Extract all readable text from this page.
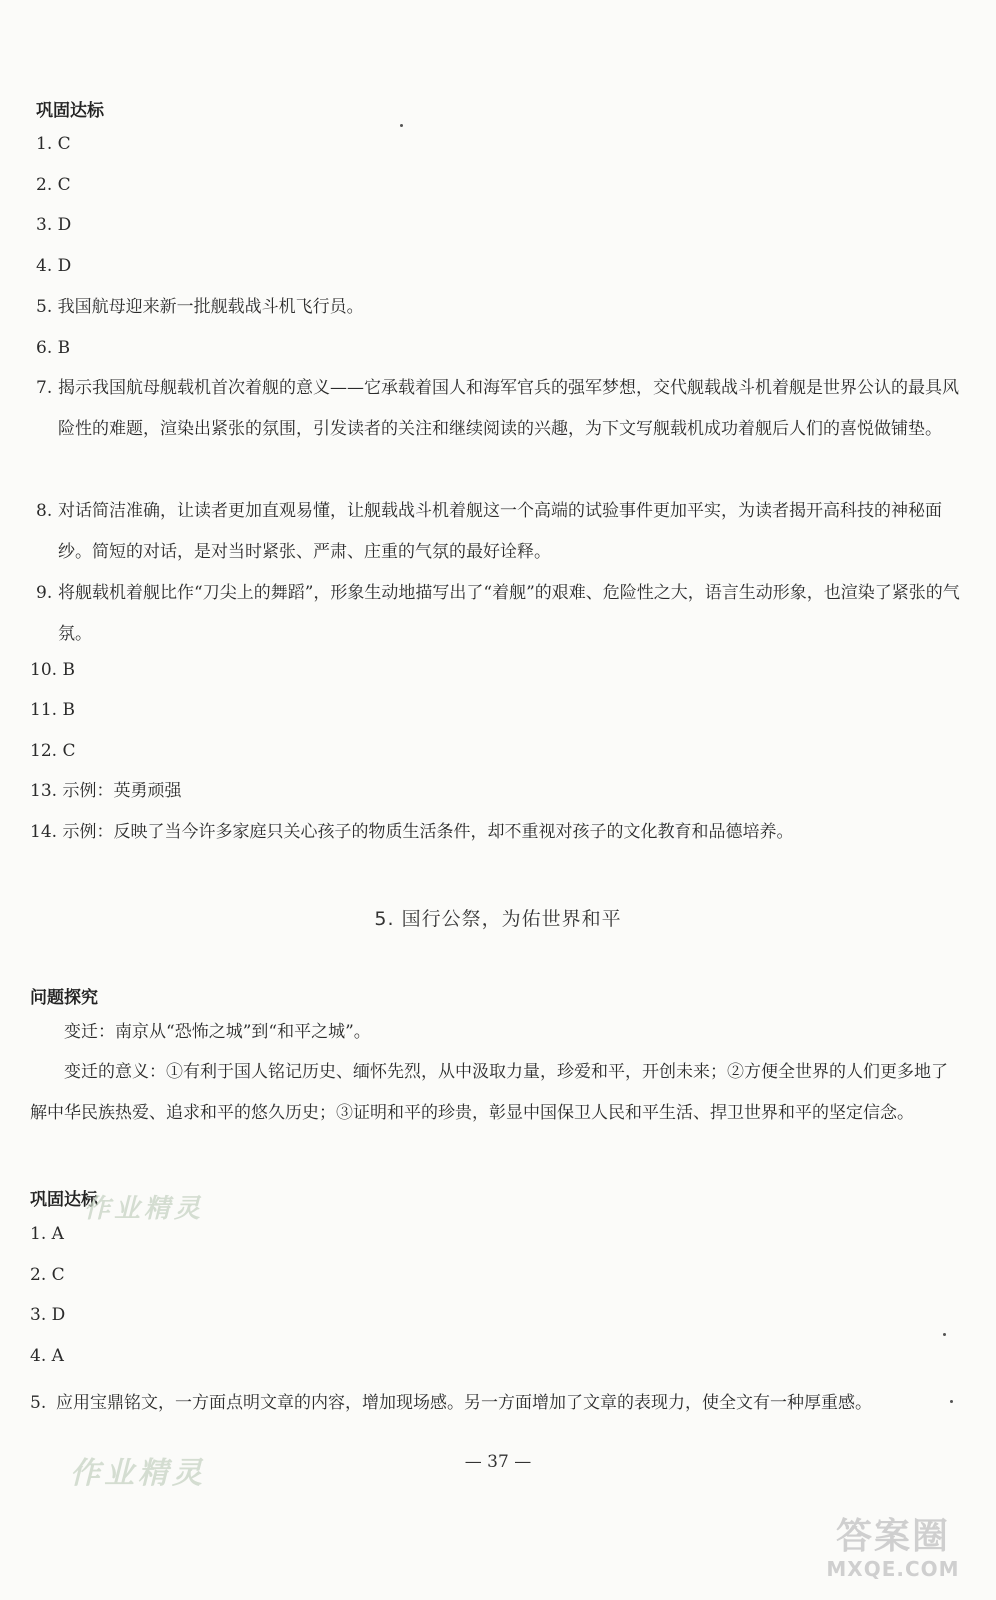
巩固达标
1. C
2. C
3. D
4. D
5. 我国航母迎来新一批舰载战斗机飞行员。
6. B
7. 揭示我国航母舰载机首次着舰的意义——它承载着国人和海军官兵的强军梦想，交代舰载战斗机着舰是世界公认的最具风险性的难题，渲染出紧张的氛围，引发读者的关注和继续阅读的兴趣，为下文写舰载机成功着舰后人们的喜悦做铺垫。
8. 对话简洁准确，让读者更加直观易懂，让舰载战斗机着舰这一个高端的试验事件更加平实，为读者揭开高科技的神秘面纱。简短的对话，是对当时紧张、严肃、庄重的气氛的最好诠释。
9. 将舰载机着舰比作“刀尖上的舞蹈”，形象生动地描写出了“着舰”的艰难、危险性之大，语言生动形象，也渲染了紧张的气氛。
10. B
11. B
12. C
13. 示例：英勇顽强
14. 示例：反映了当今许多家庭只关心孩子的物质生活条件，却不重视对孩子的文化教育和品德培养。
5. 国行公祭，为佑世界和平
问题探究
变迁：南京从“恐怖之城”到“和平之城”。
变迁的意义：①有利于国人铭记历史、缅怀先烈，从中汲取力量，珍爱和平，开创未来；②方便全世界的人们更多地了解中华民族热爱、追求和平的悠久历史；③证明和平的珍贵，彰显中国保卫人民和平生活、捍卫世界和平的坚定信念。
巩固达标
1. A
2. C
3. D
4. A
5. 应用宝鼎铭文，一方面点明文章的内容，增加现场感。另一方面增加了文章的表现力，使全文有一种厚重感。
— 37 —
作业精灵
作业精灵
答案圈
MXQE.COM
